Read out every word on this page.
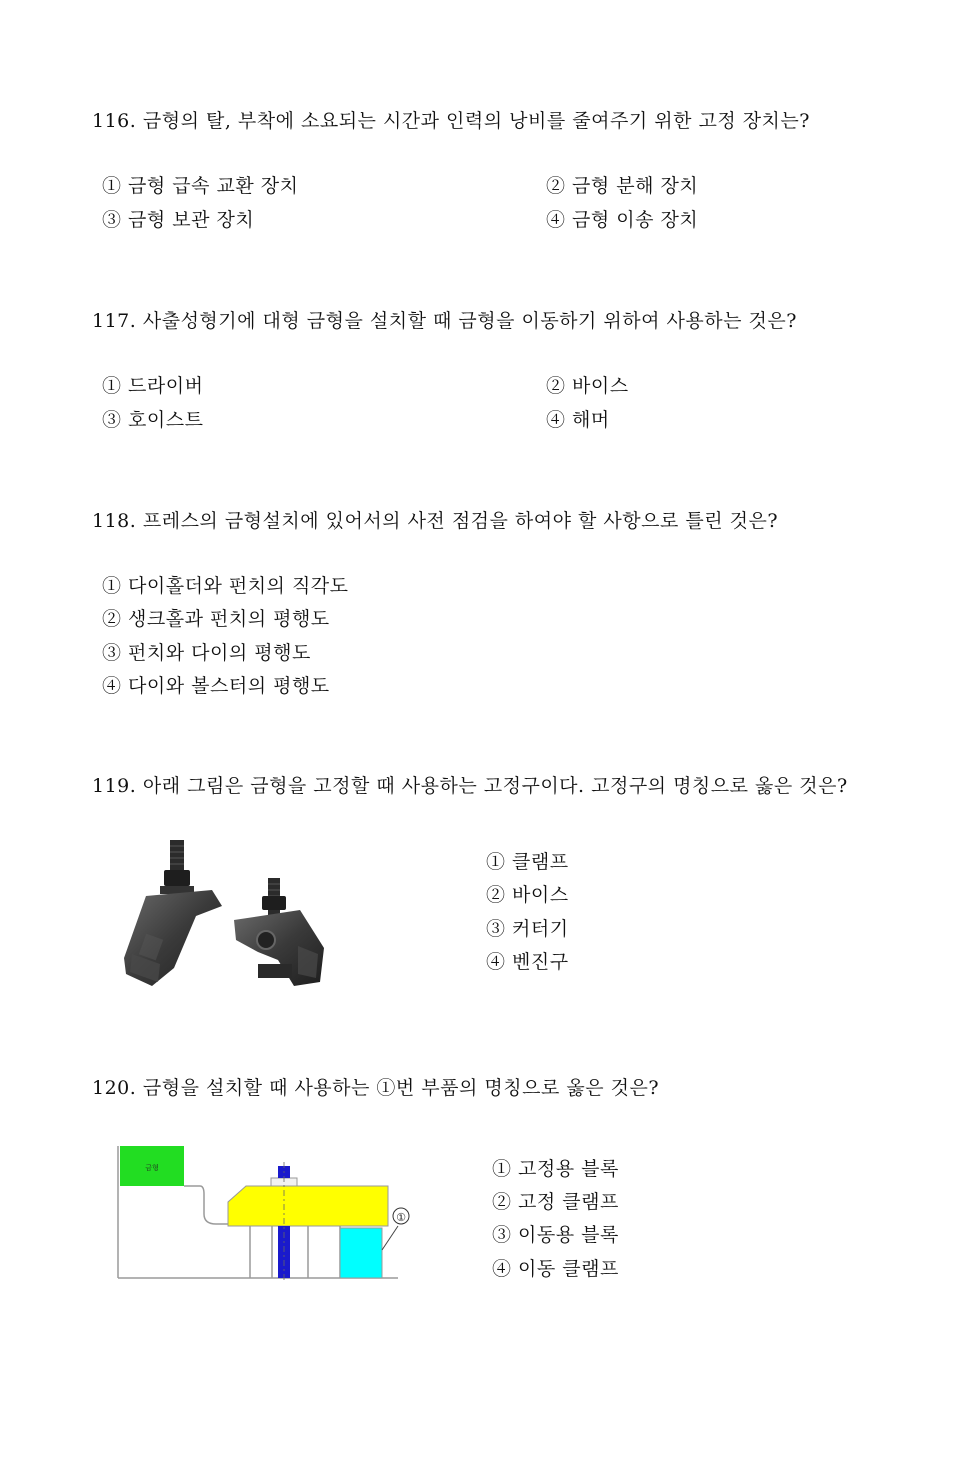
116. 금형의 탈, 부착에 소요되는 시간과 인력의 낭비를 줄여주기 위한 고정 장치는?
① 금형 급속 교환 장치	② 금형 분해 장치
③ 금형 보관 장치	④ 금형 이송 장치
117. 사출성형기에 대형 금형을 설치할 때 금형을 이동하기 위하여 사용하는 것은?
① 드라이버	② 바이스
③ 호이스트	④ 해머
118. 프레스의 금형설치에 있어서의 사전 점검을 하여야 할 사항으로 틀린 것은?
① 다이홀더와 펀치의 직각도
② 생크홀과 펀치의 평행도
③ 펀치와 다이의 평행도
④ 다이와 볼스터의 평행도
119. 아래 그림은 금형을 고정할 때 사용하는 고정구이다. 고정구의 명칭으로 옳은 것은?
① 클램프
② 바이스
③ 커터기
④ 벤진구
120. 금형을 설치할 때 사용하는 ①번 부품의 명칭으로 옳은 것은?
금형
①
① 고정용 블록
② 고정 클램프
③ 이동용 블록
④ 이동 클램프
